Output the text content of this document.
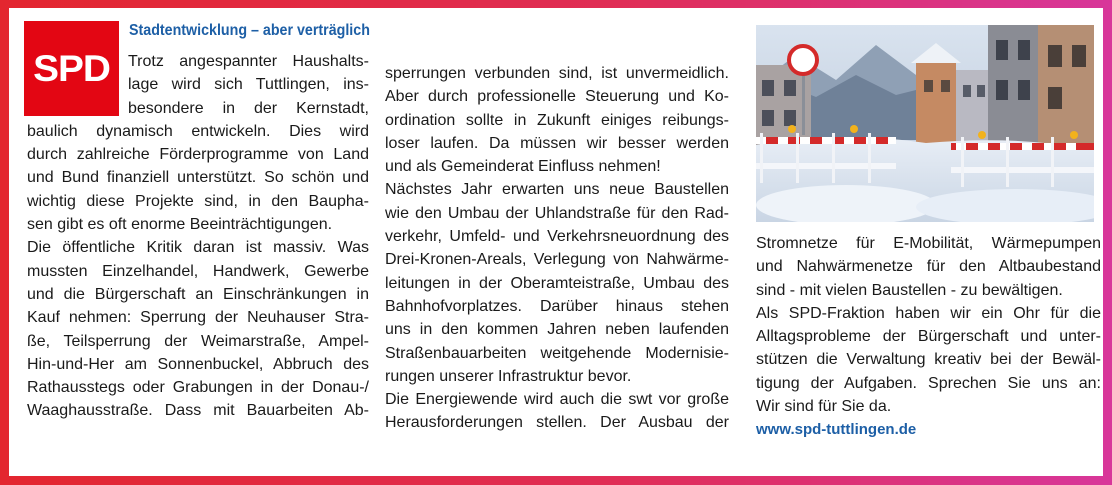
SPD
Stadtentwicklung – aber verträglich
Trotz angespannter Haushalts-
lage wird sich Tuttlingen, ins-
besondere in der Kernstadt,
baulich dynamisch entwickeln. Dies wird
durch zahlreiche Förderprogramme von Land
und Bund finanziell unterstützt. So schön und
wichtig diese Projekte sind, in den Baupha-
sen gibt es oft enorme Beeinträchtigungen.
Die öffentliche Kritik daran ist massiv. Was
mussten Einzelhandel, Handwerk, Gewerbe
und die Bürgerschaft an Einschränkungen in
Kauf nehmen: Sperrung der Neuhauser Stra-
ße, Teilsperrung der Weimarstraße, Ampel-
Hin-und-Her am Sonnenbuckel, Abbruch des
Rathausstegs oder Grabungen in der Donau-/
Waaghausstraße. Dass mit Bauarbeiten Ab-
sperrungen verbunden sind, ist unvermeidlich.
Aber durch professionelle Steuerung und Ko-
ordination sollte in Zukunft einiges reibungs-
loser laufen. Da müssen wir besser werden
und als Gemeinderat Einfluss nehmen!
Nächstes Jahr erwarten uns neue Baustellen
wie den Umbau der Uhlandstraße für den Rad-
verkehr, Umfeld- und Verkehrsneuordnung des
Drei-Kronen-Areals, Verlegung von Nahwärme-
leitungen in der Oberamteistraße, Umbau des
Bahnhofvorplatzes. Darüber hinaus stehen
uns in den kommen Jahren neben laufenden
Straßenbauarbeiten weitgehende Modernisie-
rungen unserer Infrastruktur bevor.
Die Energiewende wird auch die swt vor große
Herausforderungen stellen. Der Ausbau der
Stromnetze für E-Mobilität, Wärmepumpen
und Nahwärmenetze für den Altbaubestand
sind - mit vielen Baustellen - zu bewältigen.
Als SPD-Fraktion haben wir ein Ohr für die
Alltagsprobleme der Bürgerschaft und unter-
stützen die Verwaltung kreativ bei der Bewäl-
tigung der Aufgaben. Sprechen Sie uns an:
Wir sind für Sie da.
www.spd-tuttlingen.de
